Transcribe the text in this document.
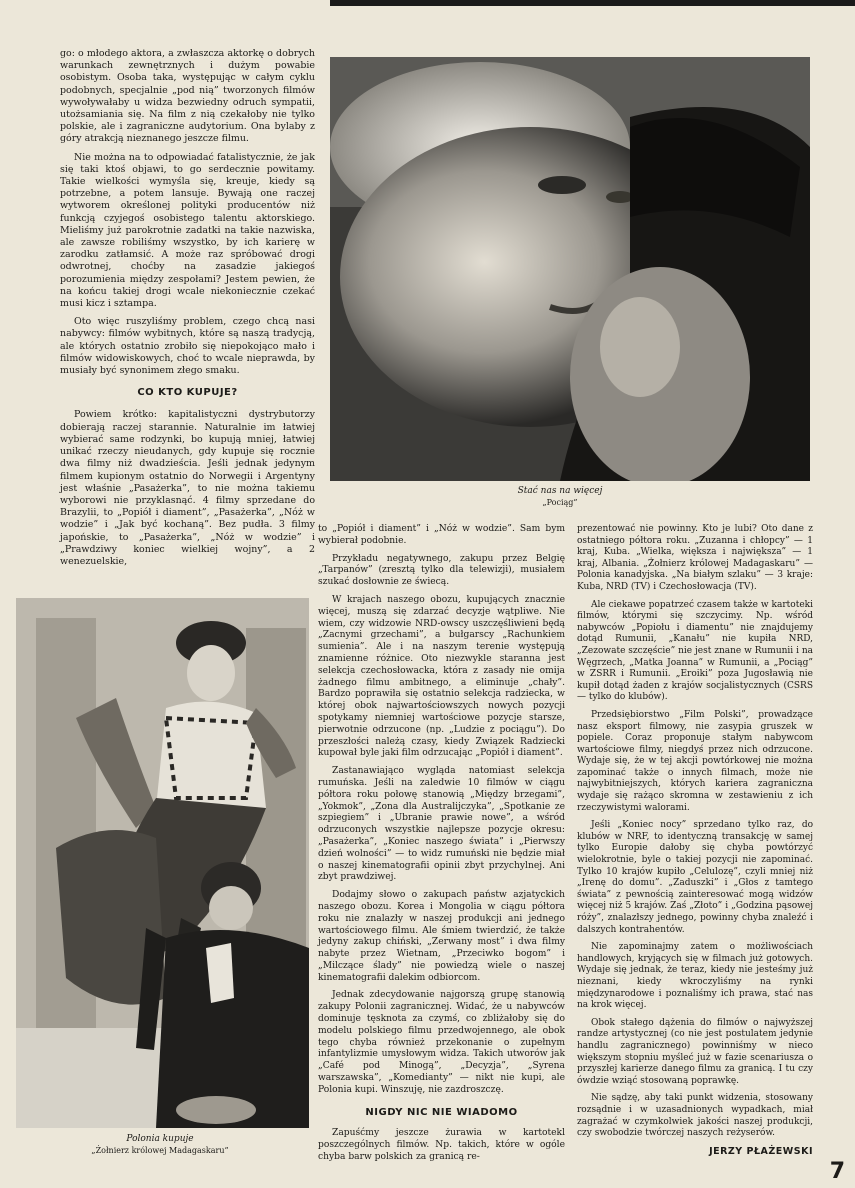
go: o młodego aktora, a zwłaszcza aktorkę o dobrych warunkach zewnętrznych i dużym powabie osobistym. Osoba taka, występując w całym cyklu podobnych, specjalnie „pod nią” tworzonych filmów wywoływałaby u widza bezwiedny odruch sympatii, utożsamiania się. Na film z nią czekałoby nie tylko polskie, ale i zagraniczne audytorium. Ona bylaby z góry atrakcją nieznanego jeszcze filmu.

Nie można na to odpowiadać fatalistycznie, że jak się taki ktoś objawi, to go serdecznie powitamy. Takie wielkości wymyśla się, kreuje, kiedy są potrzebne, a potem lansuje. Bywają one raczej wytworem określonej polityki producentów niż funkcją czyjegoś osobistego talentu aktorskiego. Mieliśmy już parokrotnie zadatki na takie nazwiska, ale zawsze robiliśmy wszystko, by ich karierę w zarodku zatłamsić. A może raz spróbować drogi odwrotnej, choćby na zasadzie jakiegoś porozumienia między zespołami? Jestem pewien, że na końcu takiej drogi wcale niekoniecznie czekać musi kicz i sztampa.

Oto więc ruszyliśmy problem, czego chcą nasi nabywcy: filmów wybitnych, które są naszą tradycją, ale których ostatnio zrobiło się niepokojąco mało i filmów widowiskowych, choć to wcale nieprawda, by musiały być synonimem złego smaku.

CO KTO KUPUJE?

Powiem krótko: kapitalistyczni dystrybutorzy dobierają raczej starannie. Naturalnie im łatwiej wybierać same rodzynki, bo kupują mniej, łatwiej unikać rzeczy nieudanych, gdy kupuje się rocznie dwa filmy niż dwadzieścia. Jeśli jednak jedynym filmem kupionym ostatnio do Norwegii i Argentyny jest właśnie „Pasażerka”, to nie można takiemu wyborowi nie przyklasnąć. 4 filmy sprzedane do Brazylii, to „Popiół i diament”, „Pasażerka”, „Nóż w wodzie” i „Jak być kochaną”. Bez pudła. 3 filmy japońskie, to „Pasażerka”, „Nóż w wodzie” i „Prawdziwy koniec wielkiej wojny”, a 2 wenezuelskie,

Stać nas na więcej
„Pociąg”
Polonia kupuje
„Żołnierz królowej Madagaskaru”

to „Popiół i diament” i „Nóż w wodzie”. Sam bym wybierał podobnie.

Przykładu negatywnego, zakupu przez Belgię „Tarpanów” (zresztą tylko dla telewizji), musiałem szukać dosłownie ze świecą.

W krajach naszego obozu, kupujących znacznie więcej, muszą się zdarzać decyzje wątpliwe. Nie wiem, czy widzowie NRD-owscy uszczęśliwieni będą „Zacnymi grzechami”, a bułgarscy „Rachunkiem sumienia”. Ale i na naszym terenie występują znamienne różnice. Oto niezwykle staranna jest selekcja czechosłowacka, która z zasady nie omija żadnego filmu ambitnego, a eliminuje „chały”. Bardzo poprawiła się ostatnio selekcja radziecka, w której obok najwartościowszych nowych pozycji spotykamy niemniej wartościowe pozycje starsze, pierwotnie odrzucone (np. „Ludzie z pociągu”). Do przeszłości należą czasy, kiedy Związek Radziecki kupował byle jaki film odrzucając „Popiół i diament”.

Zastanawiająco wygląda natomiast selekcja rumuńska. Jeśli na zaledwie 10 filmów w ciągu półtora roku połowę stanowią „Między brzegami”, „Yokmok”, „Zona dla Australijczyka”, „Spotkanie ze szpiegiem” i „Ubranie prawie nowe”, a wśród odrzuconych wszystkie najlepsze pozycje okresu: „Pasażerka”, „Koniec naszego świata” i „Pierwszy dzień wolności” — to widz rumuński nie będzie miał o naszej kinematografii opinii zbyt przychylnej. Ani zbyt prawdziwej.

Dodajmy słowo o zakupach państw azjatyckich naszego obozu. Korea i Mongolia w ciągu półtora roku nie znalazły w naszej produkcji ani jednego wartościowego filmu. Ale śmiem twierdzić, że także jedyny zakup chiński, „Zerwany most” i dwa filmy nabyte przez Wietnam, „Przeciwko bogom” i „Milczące ślady” nie powiedzą wiele o naszej kinematografii dalekim odbiorcom.

Jednak zdecydowanie najgorszą grupę stanowią zakupy Polonii zagranicznej. Widać, że u nabywców dominuje tęsknota za czymś, co zbliżałoby się do modelu polskiego filmu przedwojennego, ale obok tego chyba również przekonanie o zupełnym infantylizmie umysłowym widza. Takich utworów jak „Café pod Minogą”, „Decyzja”, „Syrena warszawska”, „Komedianty” — nikt nie kupi, ale Polonia kupi. Winszuję, nie zazdroszczę.

NIGDY NIC NIE WIADOMO

Zapuśćmy jeszcze żurawia w kartotekl poszczególnych filmów. Np. takich, które w ogóle chyba barw polskich za granicą re-

prezentować nie powinny. Kto je lubi? Oto dane z ostatniego półtora roku. „Zuzanna i chłopcy” — 1 kraj, Kuba. „Wielka, większa i największa” — 1 kraj, Albania. „Żołnierz królowej Madagaskaru” — Polonia kanadyjska. „Na białym szlaku” — 3 kraje: Kuba, NRD (TV) i Czechosłowacja (TV).

Ale ciekawe popatrzeć czasem także w kartoteki filmów, którymi się szczycimy. Np. wśród nabywców „Popiołu i diamentu” nie znajdujemy dotąd Rumunii, „Kanału” nie kupiła NRD, „Zezowate szczęście” nie jest znane w Rumunii i na Węgrzech, „Matka Joanna” w Rumunii, a „Pociąg” w ZSRR i Rumunii. „Eroiki” poza Jugosławią nie kupił dotąd żaden z krajów socjalistycznych (CSRS — tylko do klubów).

Przedsiębiorstwo „Film Polski”, prowadzące nasz eksport filmowy, nie zasypia gruszek w popiele. Coraz proponuje stałym nabywcom wartościowe filmy, niegdyś przez nich odrzucone. Wydaje się, że w tej akcji powtórkowej nie można zapominać także o innych filmach, może nie najwybitniejszych, których kariera zagraniczna wydaje się rażąco skromna w zestawieniu z ich rzeczywistymi walorami.

Jeśli „Koniec nocy” sprzedano tylko raz, do klubów w NRF, to identyczną transakcję w samej tylko Europie dałoby się chyba powtórzyć wielokrotnie, byle o takiej pozycji nie zapominać. Tylko 10 krajów kupiło „Celulozę”, czyli mniej niż „Irenę do domu”. „Zaduszki” i „Głos z tamtego świata” z pewnością zainteresować mogą widzów więcej niż 5 krajów. Zaś „Złoto” i „Godzina pąsowej róży”, znalazłszy jednego, powinny chyba znaleźć i dalszych kontrahentów.

Nie zapominajmy zatem o możliwościach handlowych, kryjących się w filmach już gotowych. Wydaje się jednak, że teraz, kiedy nie jesteśmy już nieznani, kiedy wkroczyliśmy na rynki międzynarodowe i poznaliśmy ich prawa, stać nas na krok więcej.

Obok stałego dążenia do filmów o najwyższej randze artystycznej (co nie jest postulatem jedynie handlu zagranicznego) powinniśmy w nieco większym stopniu myśleć już w fazie scenariusza o przyszłej karierze danego filmu za granicą. I tu czy ówdzie wziąć stosowaną poprawkę.

Nie sądzę, aby taki punkt widzenia, stosowany rozsądnie i w uzasadnionych wypadkach, miał zagrażać w czymkolwiek jakości naszej produkcji, czy swobodzie twórczej naszych reżyserów.

JERZY PŁAŻEWSKI
7
